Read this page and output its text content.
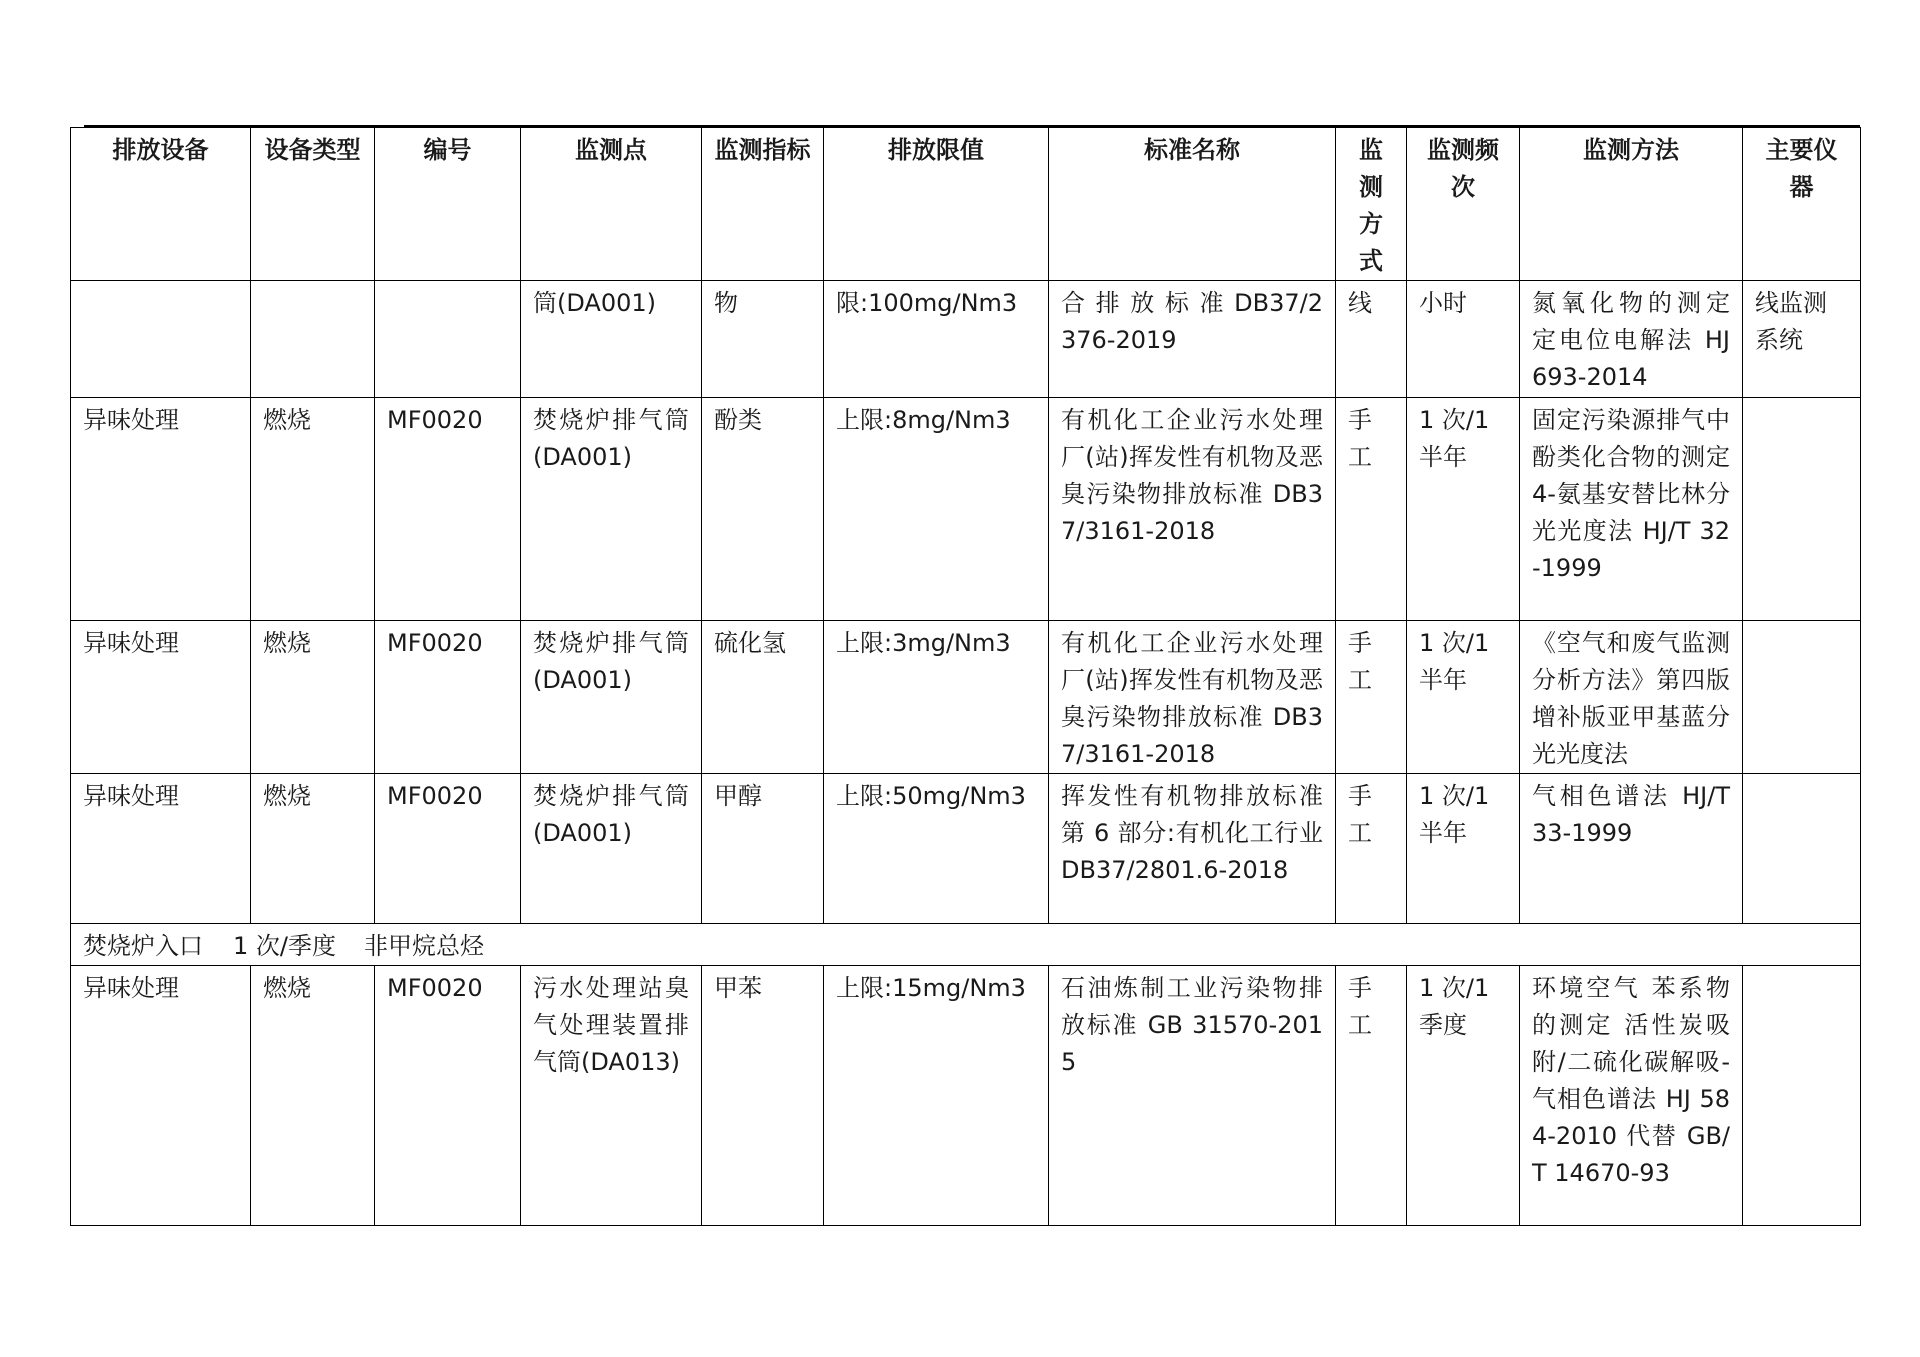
排放设备	设备类型	编号	监测点	监测指标	排放限值	标准名称	监测方式	监测频次	监测方法	主要仪器
			筒(DA001)	物	限:100mg/Nm3	合 排 放 标 准 DB37/2376-2019	线	小时	氮氧化物的测定 定电位电解法 HJ 693-2014	线监测系统
异味处理	燃烧	MF0020	焚烧炉排气筒(DA001)	酚类	上限:8mg/Nm3	有机化工企业污水处理厂(站)挥发性有机物及恶臭污染物排放标准 DB37/3161-2018	手工	1 次/1 半年	固定污染源排气中酚类化合物的测定 4-氨基安替比林分光光度法 HJ/T 32-1999	
异味处理	燃烧	MF0020	焚烧炉排气筒(DA001)	硫化氢	上限:3mg/Nm3	有机化工企业污水处理厂(站)挥发性有机物及恶臭污染物排放标准 DB37/3161-2018	手工	1 次/1 半年	《空气和废气监测分析方法》第四版增补版亚甲基蓝分光光度法	
异味处理	燃烧	MF0020	焚烧炉排气筒(DA001)	甲醇	上限:50mg/Nm3	挥发性有机物排放标准第 6 部分:有机化工行业 DB37/2801.6-2018	手工	1 次/1 半年	气相色谱法 HJ/T 33-1999	
焚烧炉入口 1 次/季度 非甲烷总烃										
异味处理	燃烧	MF0020	污水处理站臭气处理装置排气筒(DA013)	甲苯	上限:15mg/Nm3	石油炼制工业污染物排放标准 GB 31570-2015	手工	1 次/1 季度	环境空气 苯系物的测定 活性炭吸附/二硫化碳解吸-气相色谱法 HJ 584-2010 代替 GB/T 14670-93	
